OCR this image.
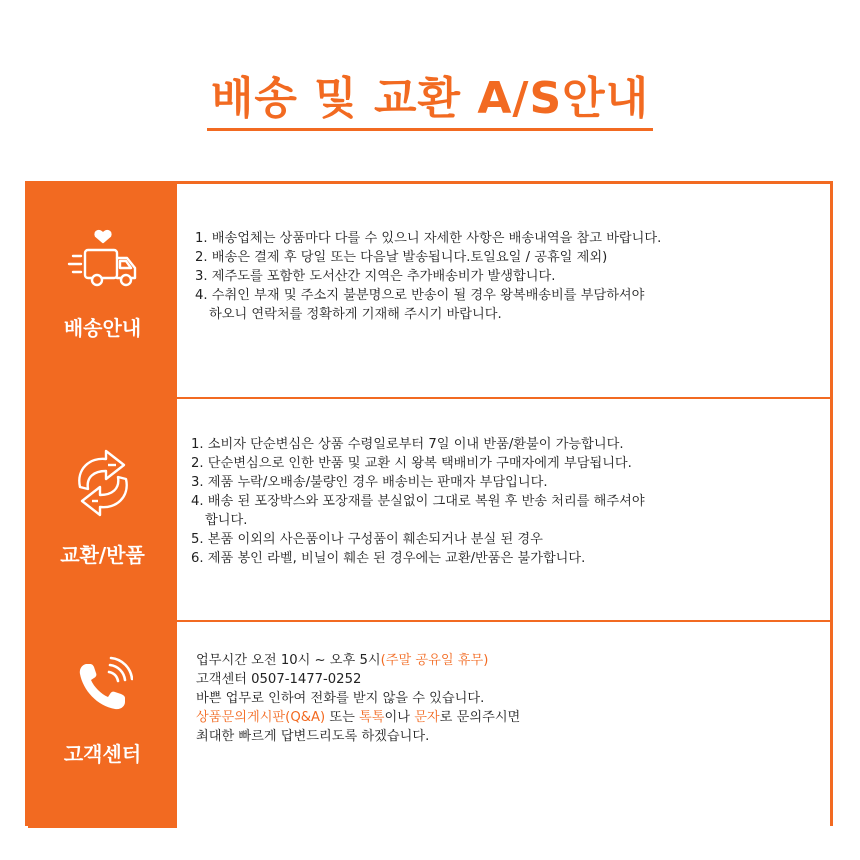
배송 및 교환 A/S안내
배송안내
1. 배송업체는 상품마다 다를 수 있으니 자세한 사항은 배송내역을 참고 바랍니다.
2. 배송은 결제 후 당일 또는 다음날 발송됩니다.토일요일 / 공휴일 제외)
3. 제주도를 포함한 도서산간 지역은 추가배송비가 발생합니다.
4. 수취인 부재 및 주소지 불분명으로 반송이 될 경우 왕복배송비를 부담하셔야
하오니 연락처를 정확하게 기재해 주시기 바랍니다.
교환/반품
1. 소비자 단순변심은 상품 수령일로부터 7일 이내 반품/환불이 가능합니다.
2. 단순변심으로 인한 반품 및 교환 시 왕복 택배비가 구매자에게 부담됩니다.
3. 제품 누락/오배송/불량인 경우 배송비는 판매자 부담입니다.
4. 배송 된 포장박스와 포장재를 분실없이 그대로 복원 후 반송 처리를 해주셔야
합니다.
5. 본품 이외의 사은품이나 구성품이 훼손되거나 분실 된 경우
6. 제품 봉인 라벨, 비닐이 훼손 된 경우에는 교환/반품은 불가합니다.
고객센터
업무시간 오전 10시 ~ 오후 5시(주말 공유일 휴무)
고객센터 0507-1477-0252
바쁜 업무로 인하여 전화를 받지 않을 수 있습니다.
상품문의게시판(Q&A) 또는 톡톡이나 문자로 문의주시면
최대한 빠르게 답변드리도록 하겠습니다.
